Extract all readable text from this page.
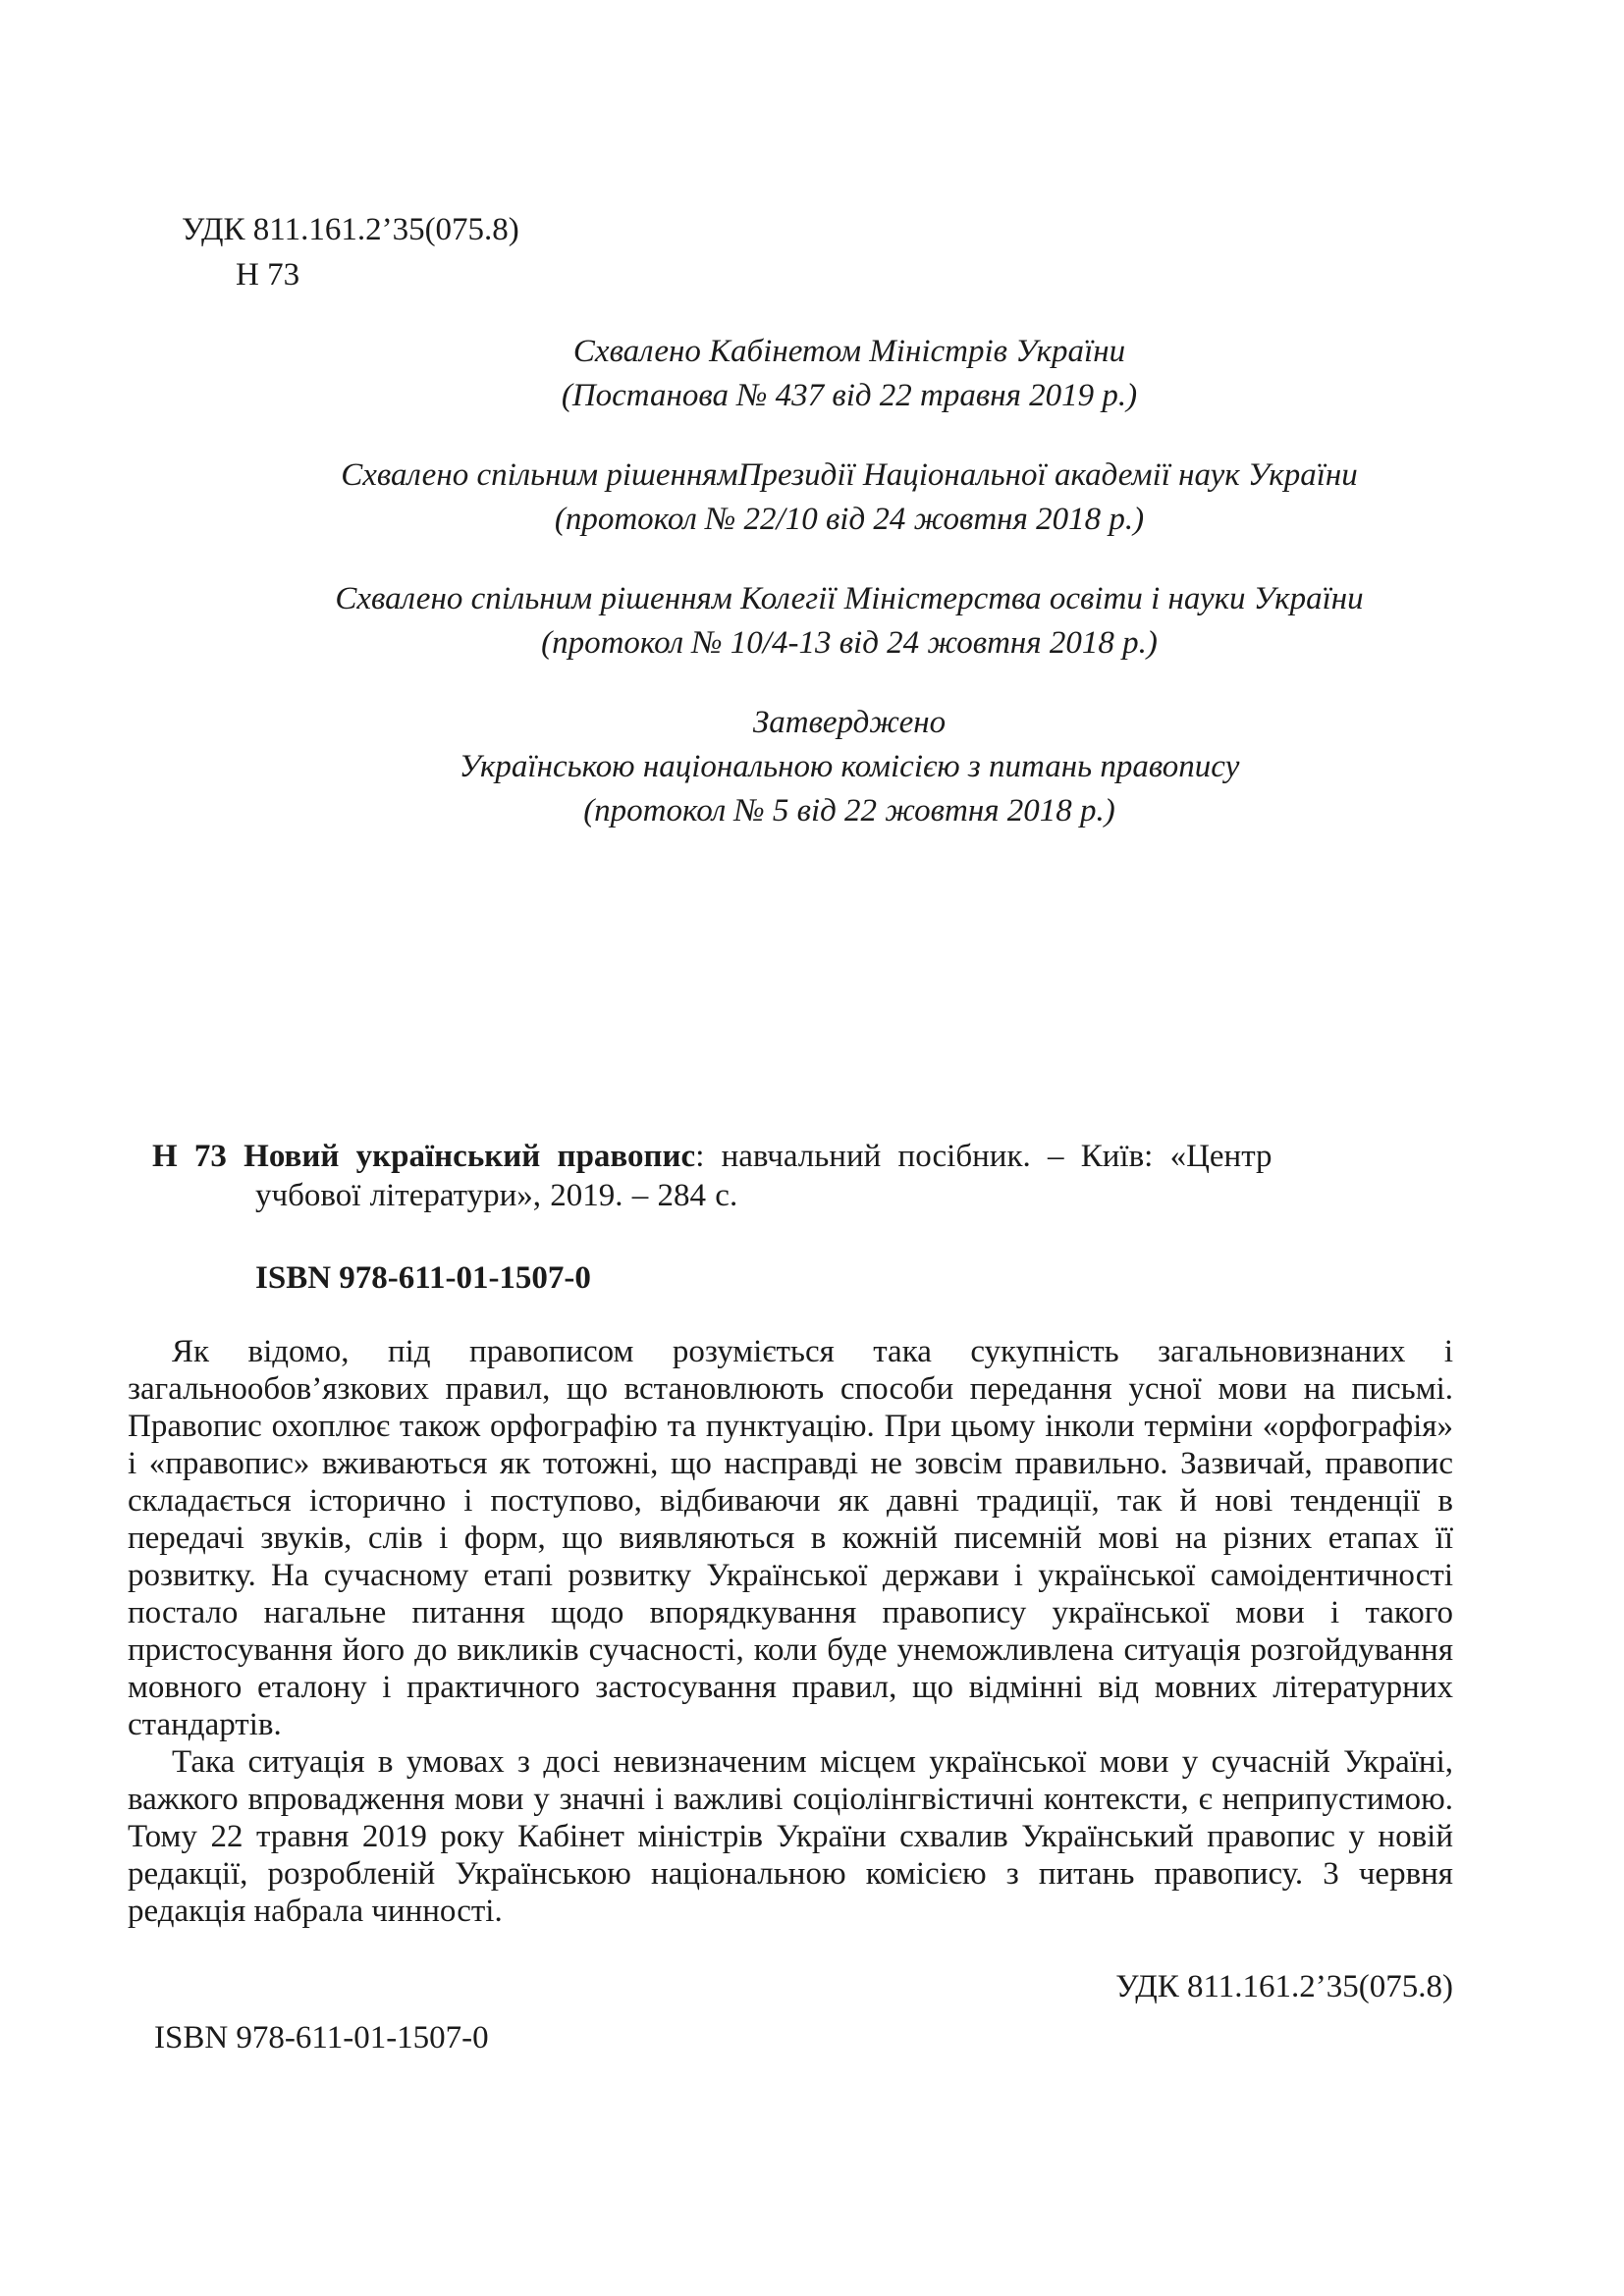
УДК 811.161.2’35(075.8)
Н 73
Схвалено Кабінетом Міністрів України
(Постанова № 437 від 22 травня 2019 р.)
Схвалено спільним рішеннямПрезидії Національної академії наук України
(протокол № 22/10 від 24 жовтня 2018 р.)
Схвалено спільним рішенням Колегії Міністерства освіти і науки України
(протокол № 10/4-13 від 24 жовтня 2018 р.)
Затверджено
Українською національною комісією з питань правопису
(протокол № 5 від 22 жовтня 2018 р.)

Н 73 Новий український правопис: навчальний посібник. – Київ: «Центр
учбової літератури», 2019. – 284 с.

ISBN 978-611-01-1507-0

Як відомо, під правописом розуміється така сукупність загальновизнаних і загальнообов’язкових правил, що встановлюють способи передання усної мови на письмі. Правопис охоплює також орфографію та пунктуацію. При цьому інколи терміни «орфографія» і «правопис» вживаються як тотожні, що насправді не зовсім правильно. Зазвичай, правопис складається історично і поступово, відбиваючи як давні традиції, так й нові тенденції в передачі звуків, слів і форм, що виявляються в кожній писемній мові на різних етапах її розвитку. На сучасному етапі розвитку Української держави і української самоідентичності постало нагальне питання щодо впорядкування правопису української мови і такого пристосування його до викликів сучасності, коли буде унеможливлена ситуація розгойдування мовного еталону і практичного застосування правил, що відмінні від мовних літературних стандартів.

Така ситуація в умовах з досі невизначеним місцем української мови у сучасній Україні, важкого впровадження мови у значні і важливі соціолінгвістичні контексти, є неприпустимою. Тому 22 травня 2019 року Кабінет міністрів України схвалив Український правопис у новій редакції, розробленій Українською національною комісією з питань правопису. 3 червня редакція набрала чинності.

УДК 811.161.2’35(075.8)
ISBN 978-611-01-1507-0
